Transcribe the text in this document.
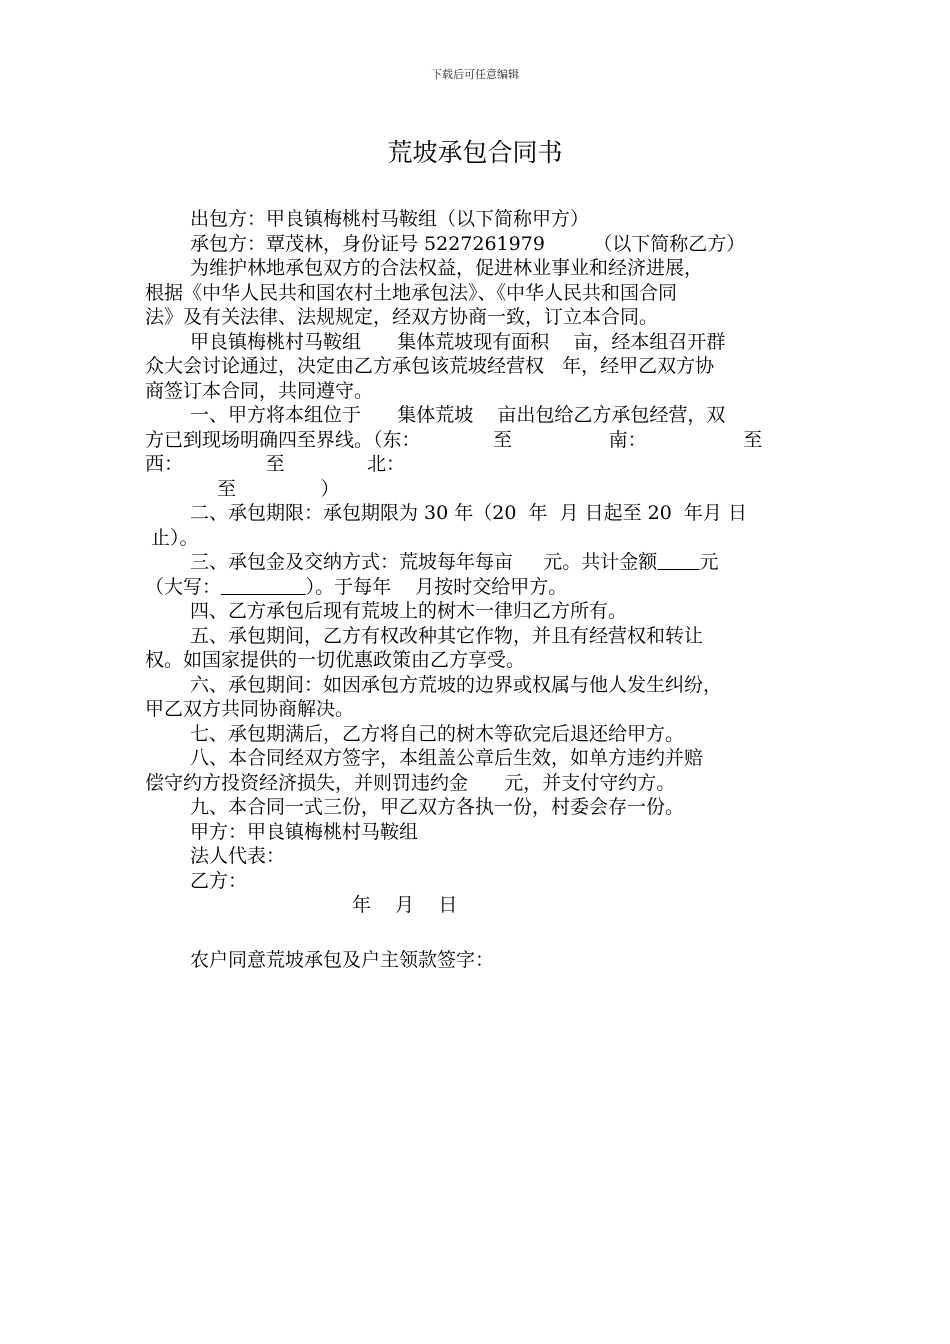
下载后可任意编辑
荒坡承包合同书
出包方：甲良镇梅桃村马鞍组（以下简称甲方）
承包方：覃茂林，身份证号 5227261979        （以下简称乙方）
为维护林地承包双方的合法权益，促进林业事业和经济进展，
根据《中华人民共和国农村土地承包法》、《中华人民共和国合同
法》及有关法律、法规规定，经双方协商一致，订立本合同。
甲良镇梅桃村马鞍组      集体荒坡现有面积    亩，经本组召开群
众大会讨论通过，决定由乙方承包该荒坡经营权   年，经甲乙双方协
商签订本合同，共同遵守。
一、甲方将本组位于      集体荒坡    亩出包给乙方承包经营，双
方已到现场明确四至界线。（东：            至                南：                至
西：	至	北：
至              ）
二、承包期限：承包期限为 30 年（20  年  月 日起至 20  年月 日
止）。
三、承包金及交纳方式：荒坡每年每亩     元。共计金额 元
（大写：	）。于每年    月按时交给甲方。
四、乙方承包后现有荒坡上的树木一律归乙方所有。
五、承包期间，乙方有权改种其它作物，并且有经营权和转让
权。如国家提供的一切优惠政策由乙方享受。
六、承包期间：如因承包方荒坡的边界或权属与他人发生纠纷，
甲乙双方共同协商解决。
七、承包期满后，乙方将自己的树木等砍完后退还给甲方。
八、本合同经双方签字，本组盖公章后生效，如单方违约并赔
偿守约方投资经济损失，并则罚违约金      元，并支付守约方。
九、本合同一式三份，甲乙双方各执一份，村委会存一份。
甲方：甲良镇梅桃村马鞍组
法人代表：
乙方：
年    月    日
农户同意荒坡承包及户主领款签字：
